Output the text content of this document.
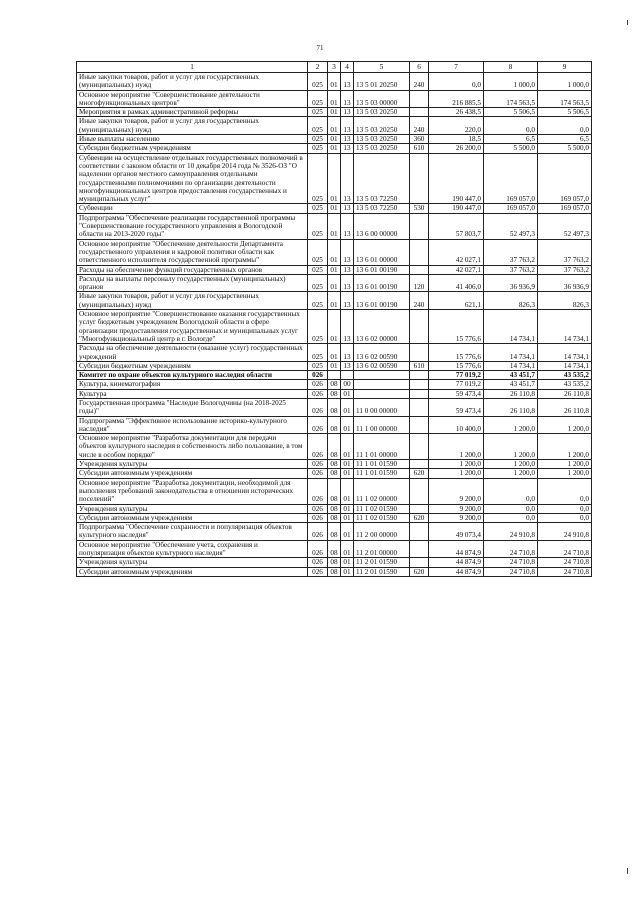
71
1	2	3	4	5	6	7	8	9
Иные закупки товаров, работ и услуг для государственных (муниципальных) нужд	025	01	13	13 5 01 20250	240	0,0	1 000,0	1 000,0
Основное мероприятие "Совершенствование деятельности многофункциональных центров"	025	01	13	13 5 03 00000		216 885,5	174 563,5	174 563,5
Мероприятия в рамках административной реформы	025	01	13	13 5 03 20250		26 438,5	5 506,5	5 506,5
Иные закупки товаров, работ и услуг для государственных (муниципальных) нужд	025	01	13	13 5 03 20250	240	220,0	0,0	0,0
Иные выплаты населению	025	01	13	13 5 03 20250	360	18,5	6,5	6,5
Субсидии бюджетным учреждениям	025	01	13	13 5 03 20250	610	26 200,0	5 500,0	5 500,0
Субвенции на осуществление отдельных государственных полномочий в соответствии с законом области от 10 декабря 2014 года № 3526-ОЗ "О наделении органов местного самоуправления отдельными государственными полномочиями по организации деятельности многофункциональных центров предоставления государственных и муниципальных услуг"	025	01	13	13 5 03 72250		190 447,0	169 057,0	169 057,0
Субвенции	025	01	13	13 5 03 72250	530	190 447,0	169 057,0	169 057,0
Подпрограмма "Обеспечение реализации государственной программы "Совершенствование государственного управления в Вологодской области на 2013-2020 годы"	025	01	13	13 6 00 00000		57 803,7	52 497,3	52 497,3
Основное мероприятие "Обеспечение деятельности Департамента государственного управления и кадровой политики области как ответственного исполнителя государственной программы"	025	01	13	13 6 01 00000		42 027,1	37 763,2	37 763,2
Расходы на обеспечение функций государственных органов	025	01	13	13 6 01 00190		42 027,1	37 763,2	37 763,2
Расходы на выплаты персоналу государственных (муниципальных) органов	025	01	13	13 6 01 00190	120	41 406,0	36 936,9	36 936,9
Иные закупки товаров, работ и услуг для государственных (муниципальных) нужд	025	01	13	13 6 01 00190	240	621,1	826,3	826,3
Основное мероприятие "Совершенствование оказания государственных услуг бюджетным учреждением Вологодской области в сфере организации предоставления государственных и муниципальных услуг "Многофункциональный центр в г. Вологде"	025	01	13	13 6 02 00000		15 776,6	14 734,1	14 734,1
Расходы на обеспечение деятельности (оказание услуг) государственных учреждений	025	01	13	13 6 02 00590		15 776,6	14 734,1	14 734,1
Субсидии бюджетным учреждениям	025	01	13	13 6 02 00590	610	15 776,6	14 734,1	14 734,1
Комитет по охране объектов культурного наследия области	026					77 019,2	43 451,7	43 535,2
Культура, кинематография	026	08	00			77 019,2	43 451,7	43 535,2
Культура	026	08	01			59 473,4	26 110,8	26 110,8
Государственная программа "Наследие Вологодчины (на 2018-2025 годы)"	026	08	01	11 0 00 00000		59 473,4	26 110,8	26 110,8
Подпрограмма "Эффективное использование историко-культурного наследия"	026	08	01	11 1 00 00000		10 400,0	1 200,0	1 200,0
Основное мероприятие "Разработка документации для передачи объектов культурного наследия в собственность либо пользование, в том числе в особом порядке"	026	08	01	11 1 01 00000		1 200,0	1 200,0	1 200,0
Учреждения культуры	026	08	01	11 1 01 01590		1 200,0	1 200,0	1 200,0
Субсидии автономным учреждениям	026	08	01	11 1 01 01590	620	1 200,0	1 200,0	1 200,0
Основное мероприятие "Разработка документации, необходимой для выполнения требований законодательства в отношении исторических поселений"	026	08	01	11 1 02 00000		9 200,0	0,0	0,0
Учреждения культуры	026	08	01	11 1 02 01590		9 200,0	0,0	0,0
Субсидии автономным учреждениям	026	08	01	11 1 02 01590	620	9 200,0	0,0	0,0
Подпрограмма "Обеспечение сохранности и популяризация объектов культурного наследия"	026	08	01	11 2 00 00000		49 073,4	24 910,8	24 910,8
Основное мероприятие "Обеспечение учета, сохранения и популяризация объектов культурного наследия"	026	08	01	11 2 01 00000		44 874,9	24 710,8	24 710,8
Учреждения культуры	026	08	01	11 2 01 01590		44 874,9	24 710,8	24 710,8
Субсидии автономным учреждениям	026	08	01	11 2 01 01590	620	44 874,9	24 710,8	24 710,8
